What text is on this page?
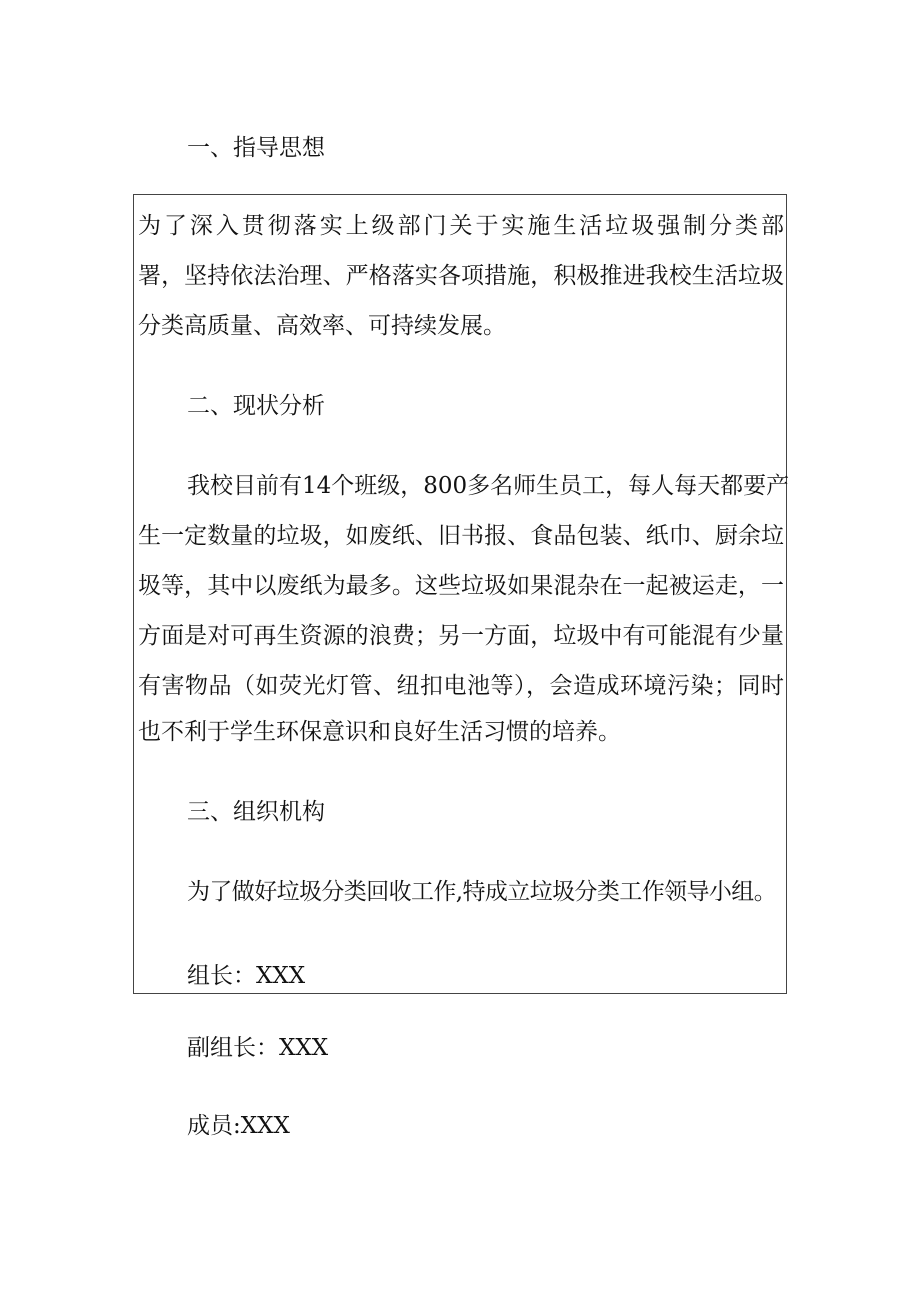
一、指导思想
为了深入贯彻落实上级部门关于实施生活垃圾强制分类部
署，坚持依法治理、严格落实各项措施，积极推进我校生活垃圾
分类高质量、高效率、可持续发展。
二、现状分析
我校目前有14个班级，800多名师生员工，每人每天都要产
生一定数量的垃圾，如废纸、旧书报、食品包装、纸巾、厨余垃
圾等，其中以废纸为最多。这些垃圾如果混杂在一起被运走，一
方面是对可再生资源的浪费；另一方面，垃圾中有可能混有少量
有害物品（如荧光灯管、纽扣电池等），会造成环境污染；同时
也不利于学生环保意识和良好生活习惯的培养。
三、组织机构
为了做好垃圾分类回收工作,特成立垃圾分类工作领导小组。
组长：XXX
副组长：XXX
成员:XXX
